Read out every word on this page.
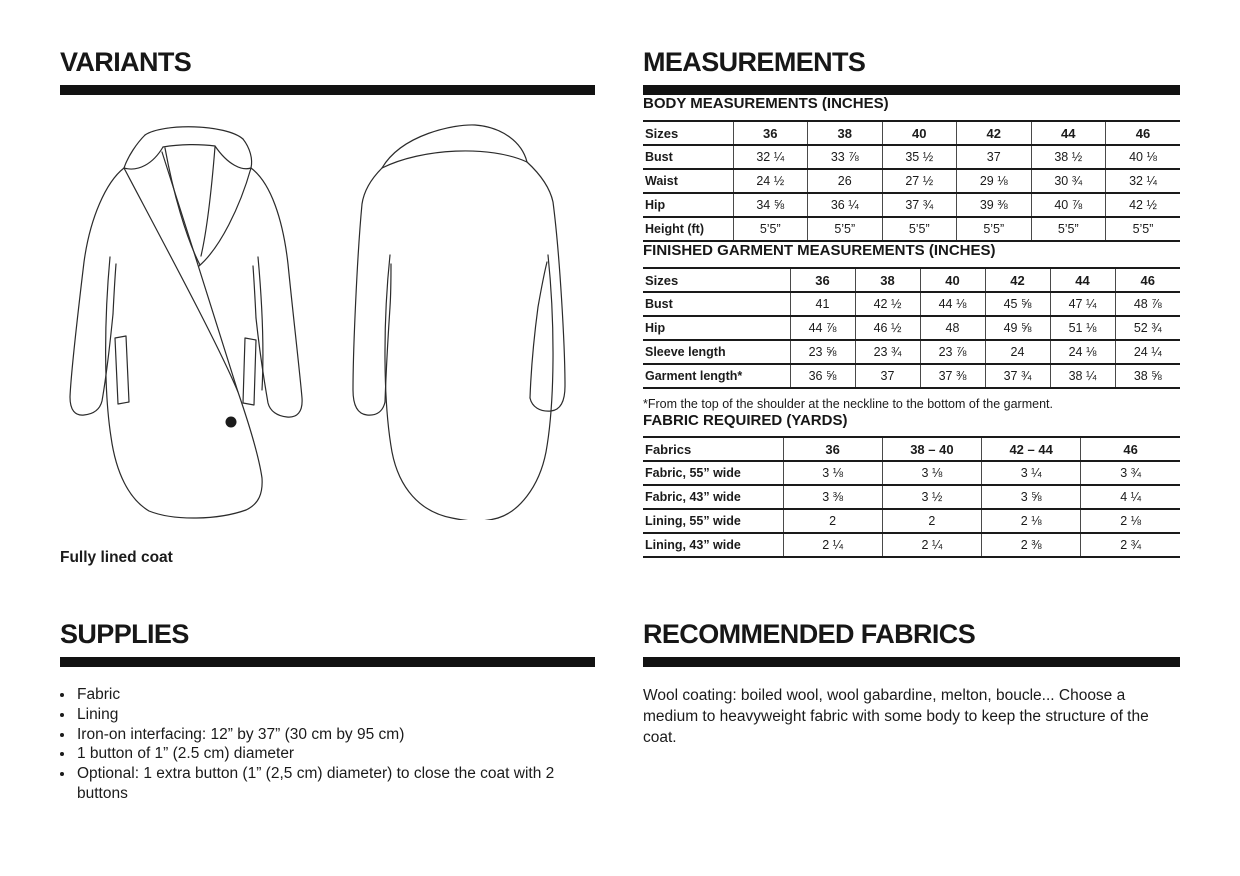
VARIANTS

Fully lined coat

MEASUREMENTS
BODY MEASUREMENTS (INCHES)
Sizes	36	38	40	42	44	46
Bust	32 ¼	33 ⅞	35 ½	37	38 ½	40 ⅛
Waist	24 ½	26	27 ½	29 ⅛	30 ¾	32 ¼
Hip	34 ⅝	36 ¼	37 ¾	39 ⅜	40 ⅞	42 ½
Height (ft)	5’5”	5’5”	5’5”	5’5”	5’5”	5’5”
FINISHED GARMENT MEASUREMENTS (INCHES)
Sizes	36	38	40	42	44	46
Bust	41	42 ½	44 ⅛	45 ⅝	47 ¼	48 ⅞
Hip	44 ⅞	46 ½	48	49 ⅝	51 ⅛	52 ¾
Sleeve length	23 ⅝	23 ¾	23 ⅞	24	24 ⅛	24 ¼
Garment length*	36 ⅝	37	37 ⅜	37 ¾	38 ¼	38 ⅝

*From the top of the shoulder at the neckline to the bottom of the garment.

FABRIC REQUIRED (YARDS)
Fabrics	36	38 – 40	42 – 44	46
Fabric, 55” wide	3 ⅛	3 ⅛	3 ¼	3 ¾
Fabric, 43” wide	3 ⅜	3 ½	3 ⅝	4 ¼
Lining, 55” wide	2	2	2 ⅛	2 ⅛
Lining, 43” wide	2 ¼	2 ¼	2 ⅜	2 ¾
SUPPLIES
• Fabric
• Lining
• Iron-on interfacing: 12” by 37” (30 cm by 95 cm)
• 1 button of 1” (2.5 cm) diameter
• Optional: 1 extra button (1” (2,5 cm) diameter) to close the coat with 2 buttons
RECOMMENDED FABRICS

Wool coating: boiled wool, wool gabardine, melton, boucle... Choose a medium to heavyweight fabric with some body to keep the structure of the coat.
